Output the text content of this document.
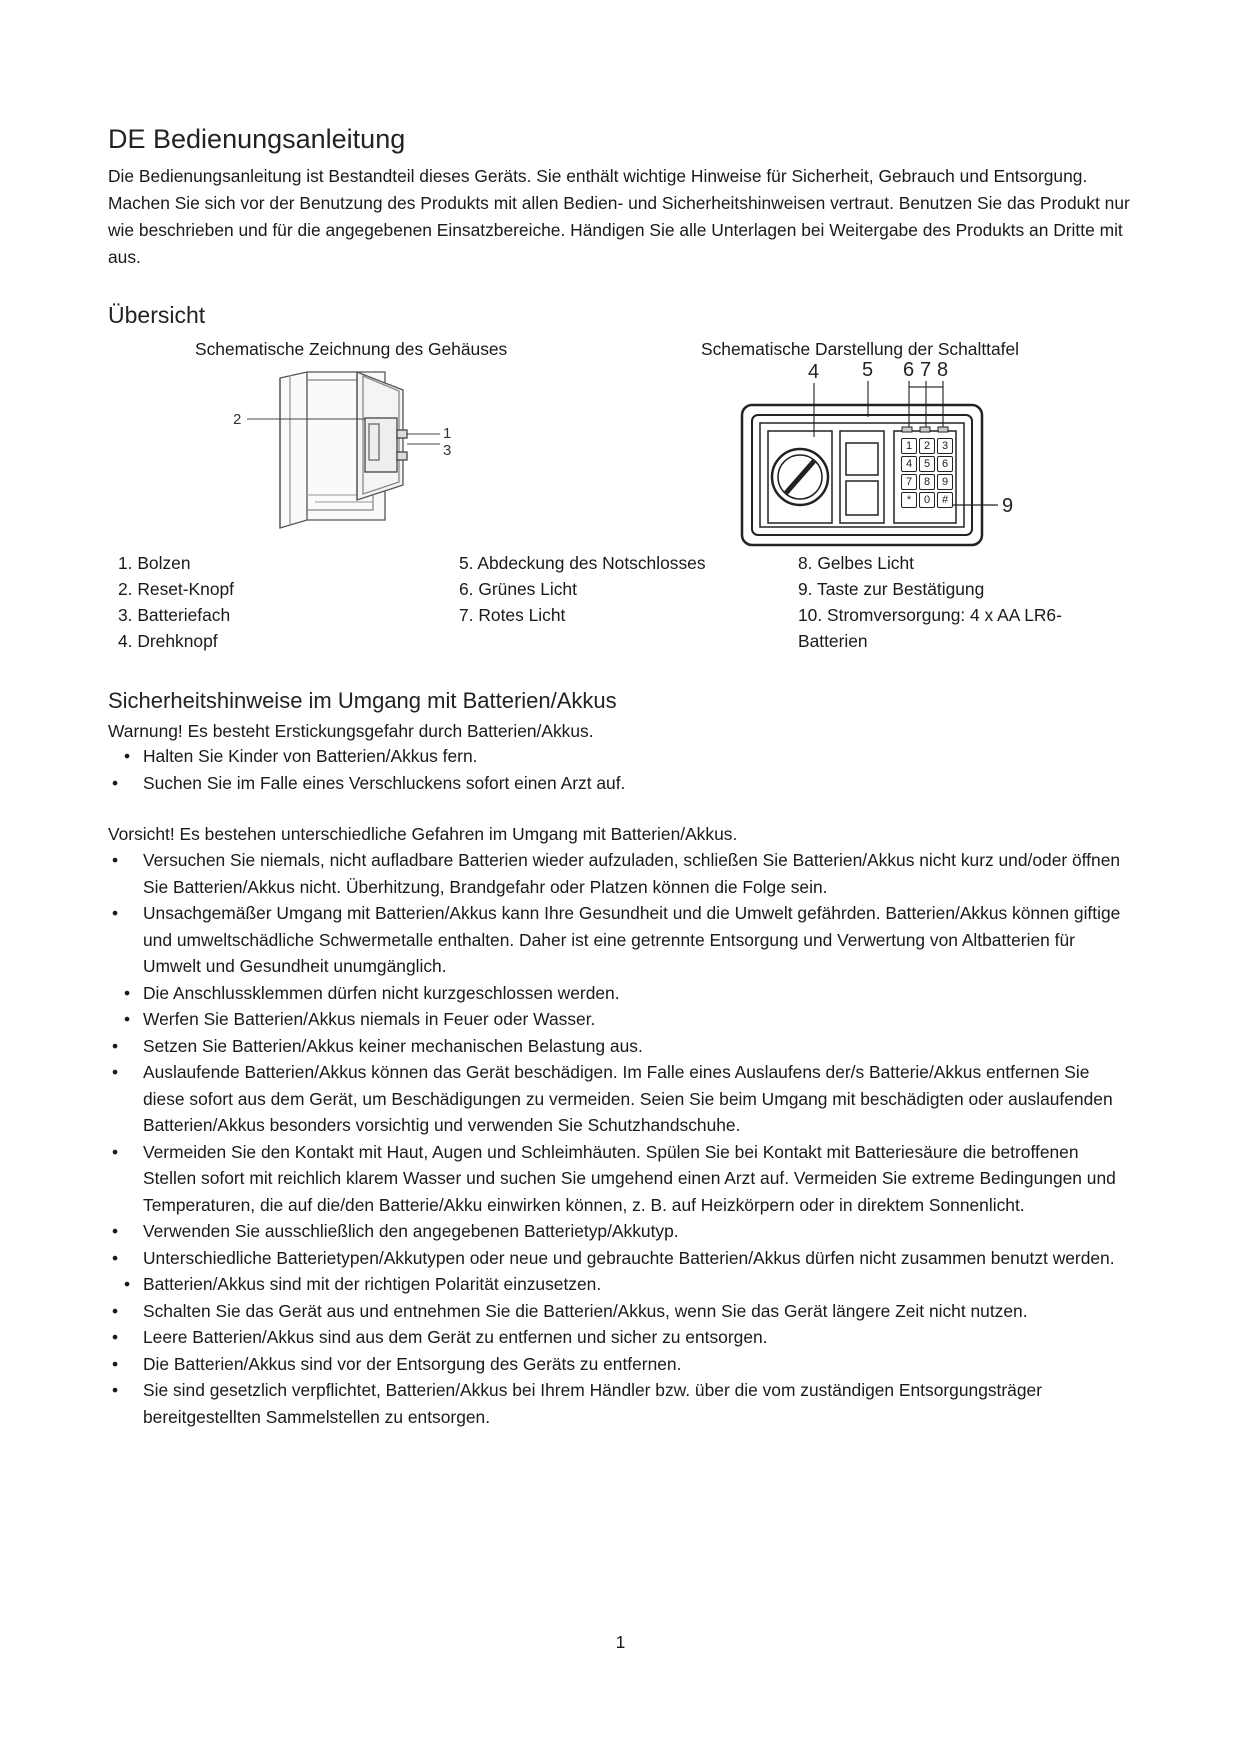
DE Bedienungsanleitung
Die Bedienungsanleitung ist Bestandteil dieses Geräts. Sie enthält wichtige Hinweise für Sicherheit, Gebrauch und Entsorgung. Machen Sie sich vor der Benutzung des Produkts mit allen Bedien- und Sicherheitshinweisen vertraut. Benutzen Sie das Produkt nur wie beschrieben und für die angegebenen Einsatzbereiche. Händigen Sie alle Unterlagen bei Weitergabe des Produkts an Dritte mit aus.
Übersicht
Schematische Zeichnung des Gehäuses	Schematische Darstellung der Schalttafel
2
1
3
4 5 6 7 8
9
1	2	3
4	5	6
7	8	9
*	0	#
1. Bolzen
2. Reset-Knopf
3. Batteriefach
4. Drehknopf
5. Abdeckung des Notschlosses
6. Grünes Licht
7. Rotes Licht
8. Gelbes Licht
9. Taste zur Bestätigung
10. Stromversorgung: 4 x AA LR6-
Batterien
Sicherheitshinweise im Umgang mit Batterien/Akkus
Warnung! Es besteht Erstickungsgefahr durch Batterien/Akkus.
• Halten Sie Kinder von Batterien/Akkus fern.
• Suchen Sie im Falle eines Verschluckens sofort einen Arzt auf.
Vorsicht! Es bestehen unterschiedliche Gefahren im Umgang mit Batterien/Akkus.
• Versuchen Sie niemals, nicht aufladbare Batterien wieder aufzuladen, schließen Sie Batterien/Akkus nicht kurz und/oder öffnen Sie Batterien/Akkus nicht. Überhitzung, Brandgefahr oder Platzen können die Folge sein.
• Unsachgemäßer Umgang mit Batterien/Akkus kann Ihre Gesundheit und die Umwelt gefährden. Batterien/Akkus können giftige und umweltschädliche Schwermetalle enthalten. Daher ist eine getrennte Entsorgung und Verwertung von Altbatterien für Umwelt und Gesundheit unumgänglich.
• Die Anschlussklemmen dürfen nicht kurzgeschlossen werden.
• Werfen Sie Batterien/Akkus niemals in Feuer oder Wasser.
• Setzen Sie Batterien/Akkus keiner mechanischen Belastung aus.
• Auslaufende Batterien/Akkus können das Gerät beschädigen. Im Falle eines Auslaufens der/s Batterie/Akkus entfernen Sie diese sofort aus dem Gerät, um Beschädigungen zu vermeiden. Seien Sie beim Umgang mit beschädigten oder auslaufenden Batterien/Akkus besonders vorsichtig und verwenden Sie Schutzhandschuhe.
• Vermeiden Sie den Kontakt mit Haut, Augen und Schleimhäuten. Spülen Sie bei Kontakt mit Batteriesäure die betroffenen Stellen sofort mit reichlich klarem Wasser und suchen Sie umgehend einen Arzt auf. Vermeiden Sie extreme Bedingungen und Temperaturen, die auf die/den Batterie/Akku einwirken können, z. B. auf Heizkörpern oder in direktem Sonnenlicht.
• Verwenden Sie ausschließlich den angegebenen Batterietyp/Akkutyp.
• Unterschiedliche Batterietypen/Akkutypen oder neue und gebrauchte Batterien/Akkus dürfen nicht zusammen benutzt werden.
• Batterien/Akkus sind mit der richtigen Polarität einzusetzen.
• Schalten Sie das Gerät aus und entnehmen Sie die Batterien/Akkus, wenn Sie das Gerät längere Zeit nicht nutzen.
• Leere Batterien/Akkus sind aus dem Gerät zu entfernen und sicher zu entsorgen.
• Die Batterien/Akkus sind vor der Entsorgung des Geräts zu entfernen.
• Sie sind gesetzlich verpflichtet, Batterien/Akkus bei Ihrem Händler bzw. über die vom zuständigen Entsorgungsträger bereitgestellten Sammelstellen zu entsorgen.
1
